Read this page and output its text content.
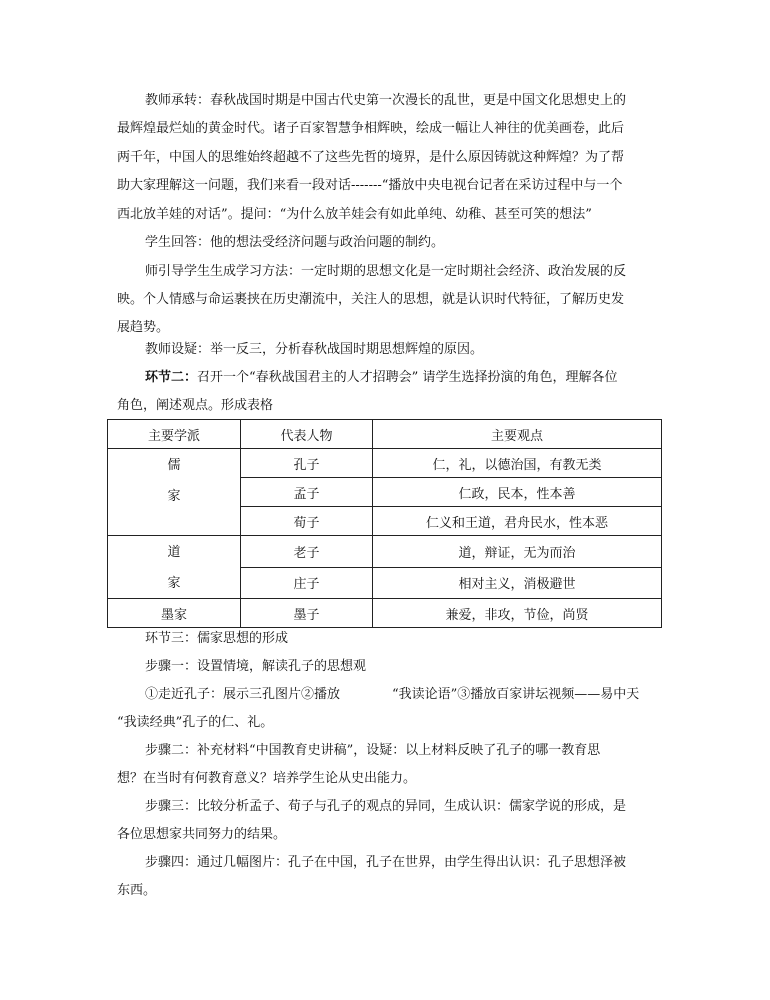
教师承转：春秋战国时期是中国古代史第一次漫长的乱世，更是中国文化思想史上的

最辉煌最烂灿的黄金时代。诸子百家智慧争相辉映，绘成一幅让人神往的优美画卷，此后

两千年，中国人的思维始终超越不了这些先哲的境界，是什么原因铸就这种辉煌？为了帮

助大家理解这一问题，我们来看一段对话-------“播放中央电视台记者在采访过程中与一个

西北放羊娃的对话”。提问：“为什么放羊娃会有如此单纯、幼稚、甚至可笑的想法”

学生回答：他的想法受经济问题与政治问题的制约。

师引导学生生成学习方法：一定时期的思想文化是一定时期社会经济、政治发展的反

映。个人情感与命运裹挟在历史潮流中，关注人的思想，就是认识时代特征，了解历史发

展趋势。

教师设疑：举一反三，分析春秋战国时期思想辉煌的原因。

环节二：召开一个“春秋战国君主的人才招聘会” 请学生选择扮演的角色，理解各位

角色，阐述观点。形成表格

主要学派	代表人物	主要观点

儒
家	孔子	仁，礼，以德治国，有教无类
	孟子	仁政，民本，性本善
	荀子	仁义和王道，君舟民水，性本恶

道
家	老子	道，辩证，无为而治
	庄子	相对主义，消极避世
墨家	墨子	兼爱，非攻，节俭，尚贤

环节三：儒家思想的形成

步骤一：设置情境，解读孔子的思想观

①走近孔子：展示三孔图片②播放	“我读论语”③播放百家讲坛视频——易中天

“我读经典”孔子的仁、礼。

步骤二：补充材料“中国教育史讲稿”，设疑：以上材料反映了孔子的哪一教育思

想？在当时有何教育意义？培养学生论从史出能力。

步骤三：比较分析孟子、荀子与孔子的观点的异同，生成认识：儒家学说的形成，是

各位思想家共同努力的结果。

步骤四：通过几幅图片：孔子在中国，孔子在世界，由学生得出认识：孔子思想泽被

东西。
